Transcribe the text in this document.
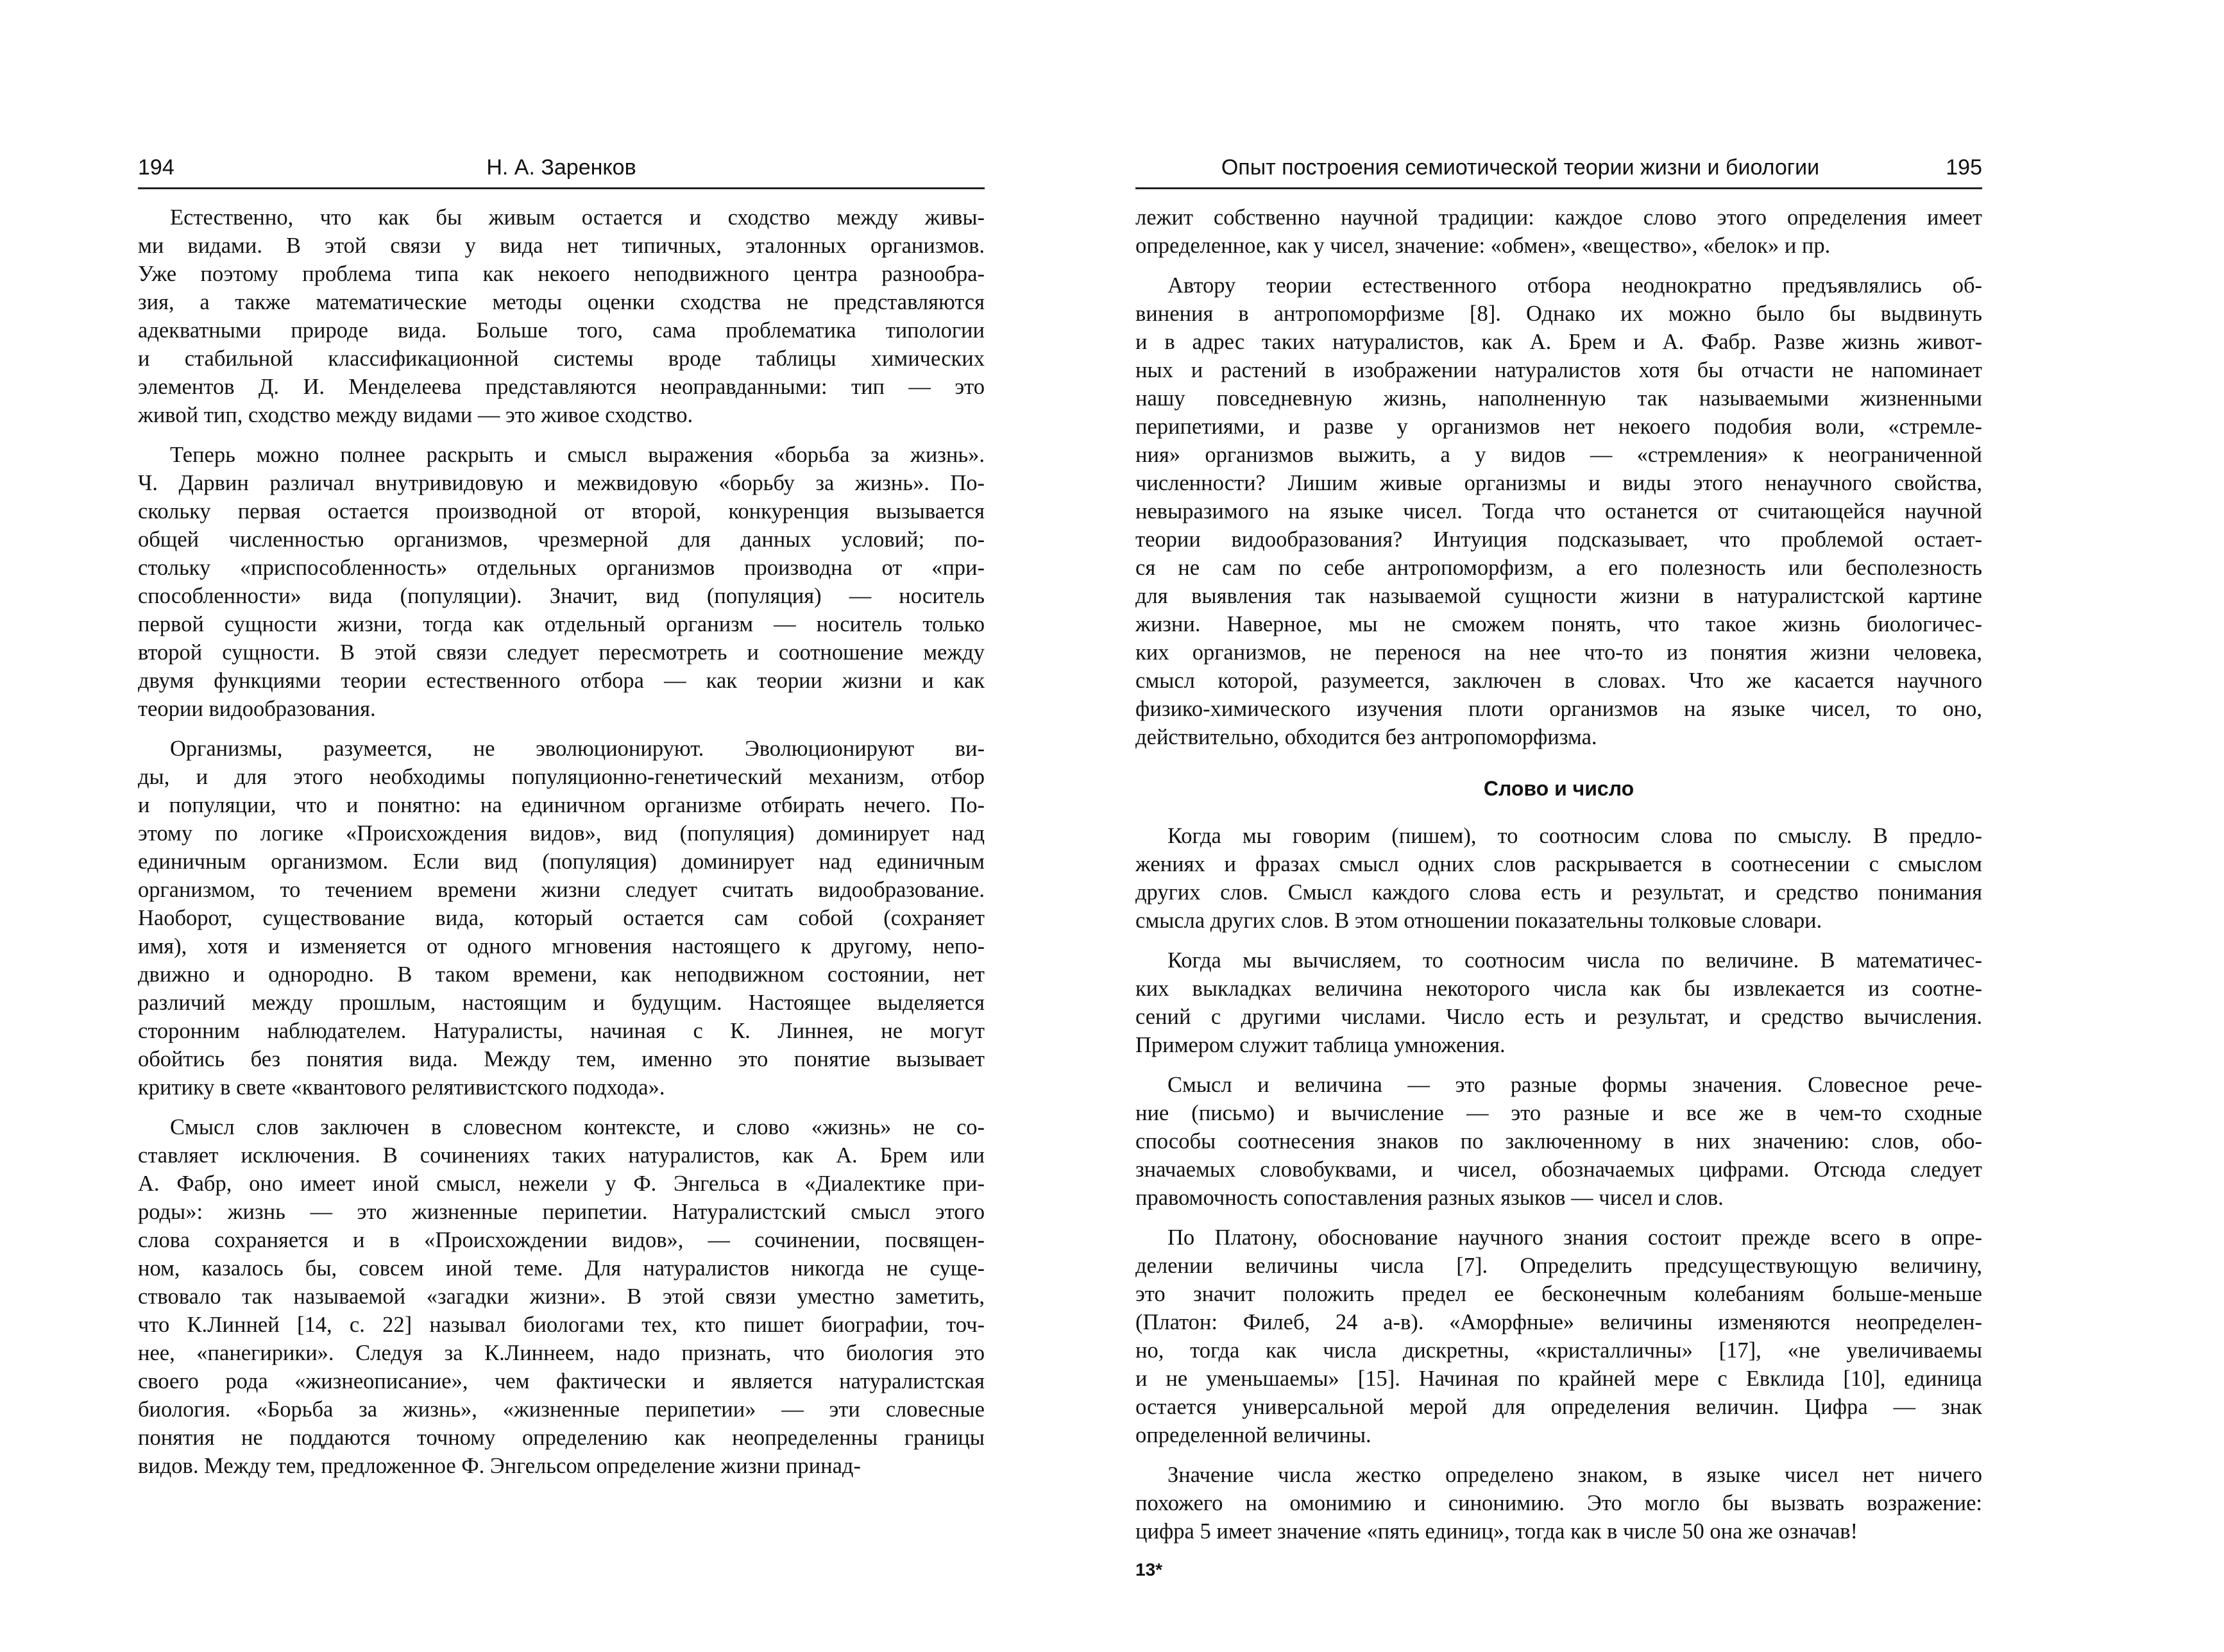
194	Н. А. Заренков
Естественно, что как бы живым остается и сходство между живы-
ми видами. В этой связи у вида нет типичных, эталонных организмов.
Уже поэтому проблема типа как некоего неподвижного центра разнообра-
зия, а также математические методы оценки сходства не представляются
адекватными природе вида. Больше того, сама проблематика типологии
и стабильной классификационной системы вроде таблицы химических
элементов Д. И. Менделеева представляются неоправданными: тип — это
живой тип, сходство между видами — это живое сходство.
Теперь можно полнее раскрыть и смысл выражения «борьба за жизнь».
Ч. Дарвин различал внутривидовую и межвидовую «борьбу за жизнь». По-
скольку первая остается производной от второй, конкуренция вызывается
общей численностью организмов, чрезмерной для данных условий; по-
стольку «приспособленность» отдельных организмов производна от «при-
способленности» вида (популяции). Значит, вид (популяция) — носитель
первой сущности жизни, тогда как отдельный организм — носитель только
второй сущности. В этой связи следует пересмотреть и соотношение между
двумя функциями теории естественного отбора — как теории жизни и как
теории видообразования.
Организмы, разумеется, не эволюционируют. Эволюционируют ви-
ды, и для этого необходимы популяционно-генетический механизм, отбор
и популяции, что и понятно: на единичном организме отбирать нечего. По-
этому по логике «Происхождения видов», вид (популяция) доминирует над
единичным организмом. Если вид (популяция) доминирует над единичным
организмом, то течением времени жизни следует считать видообразование.
Наоборот, существование вида, который остается сам собой (сохраняет
имя), хотя и изменяется от одного мгновения настоящего к другому, непо-
движно и однородно. В таком времени, как неподвижном состоянии, нет
различий между прошлым, настоящим и будущим. Настоящее выделяется
сторонним наблюдателем. Натуралисты, начиная с К. Линнея, не могут
обойтись без понятия вида. Между тем, именно это понятие вызывает
критику в свете «квантового релятивистского подхода».
Смысл слов заключен в словесном контексте, и слово «жизнь» не со-
ставляет исключения. В сочинениях таких натуралистов, как А. Брем или
А. Фабр, оно имеет иной смысл, нежели у Ф. Энгельса в «Диалектике при-
роды»: жизнь — это жизненные перипетии. Натуралистский смысл этого
слова сохраняется и в «Происхождении видов», — сочинении, посвящен-
ном, казалось бы, совсем иной теме. Для натуралистов никогда не суще-
ствовало так называемой «загадки жизни». В этой связи уместно заметить,
что К.Линней [14, с. 22] называл биологами тех, кто пишет биографии, точ-
нее, «панегирики». Следуя за К.Линнеем, надо признать, что биология это
своего рода «жизнеописание», чем фактически и является натуралистская
биология. «Борьба за жизнь», «жизненные перипетии» — эти словесные
понятия не поддаются точному определению как неопределенны границы
видов. Между тем, предложенное Ф. Энгельсом определение жизни принад-
Опыт построения семиотической теории жизни и биологии	195
лежит собственно научной традиции: каждое слово этого определения имеет
определенное, как у чисел, значение: «обмен», «вещество», «белок» и пр.
Автору теории естественного отбора неоднократно предъявлялись об-
винения в антропоморфизме [8]. Однако их можно было бы выдвинуть
и в адрес таких натуралистов, как А. Брем и А. Фабр. Разве жизнь живот-
ных и растений в изображении натуралистов хотя бы отчасти не напоминает
нашу повседневную жизнь, наполненную так называемыми жизненными
перипетиями, и разве у организмов нет некоего подобия воли, «стремле-
ния» организмов выжить, а у видов — «стремления» к неограниченной
численности? Лишим живые организмы и виды этого ненаучного свойства,
невыразимого на языке чисел. Тогда что останется от считающейся научной
теории видообразования? Интуиция подсказывает, что проблемой остает-
ся не сам по себе антропоморфизм, а его полезность или бесполезность
для выявления так называемой сущности жизни в натуралистской картине
жизни. Наверное, мы не сможем понять, что такое жизнь биологичес-
ких организмов, не перенося на нее что-то из понятия жизни человека,
смысл которой, разумеется, заключен в словах. Что же касается научного
физико-химического изучения плоти организмов на языке чисел, то оно,
действительно, обходится без антропоморфизма.
Слово и число
Когда мы говорим (пишем), то соотносим слова по смыслу. В предло-
жениях и фразах смысл одних слов раскрывается в соотнесении с смыслом
других слов. Смысл каждого слова есть и результат, и средство понимания
смысла других слов. В этом отношении показательны толковые словари.
Когда мы вычисляем, то соотносим числа по величине. В математичес-
ких выкладках величина некоторого числа как бы извлекается из соотне-
сений с другими числами. Число есть и результат, и средство вычисления.
Примером служит таблица умножения.
Смысл и величина — это разные формы значения. Словесное рече-
ние (письмо) и вычисление — это разные и все же в чем-то сходные
способы соотнесения знаков по заключенному в них значению: слов, обо-
значаемых словобуквами, и чисел, обозначаемых цифрами. Отсюда следует
правомочность сопоставления разных языков — чисел и слов.
По Платону, обоснование научного знания состоит прежде всего в опре-
делении величины числа [7]. Определить предсуществующую величину,
это значит положить предел ее бесконечным колебаниям больше-меньше
(Платон: Филеб, 24 а-в). «Аморфные» величины изменяются неопределен-
но, тогда как числа дискретны, «кристалличны» [17], «не увеличиваемы
и не уменьшаемы» [15]. Начиная по крайней мере с Евклида [10], единица
остается универсальной мерой для определения величин. Цифра — знак
определенной величины.
Значение числа жестко определено знаком, в языке чисел нет ничего
похожего на омонимию и синонимию. Это могло бы вызвать возражение:
цифра 5 имеет значение «пять единиц», тогда как в числе 50 она же означав!
13*
